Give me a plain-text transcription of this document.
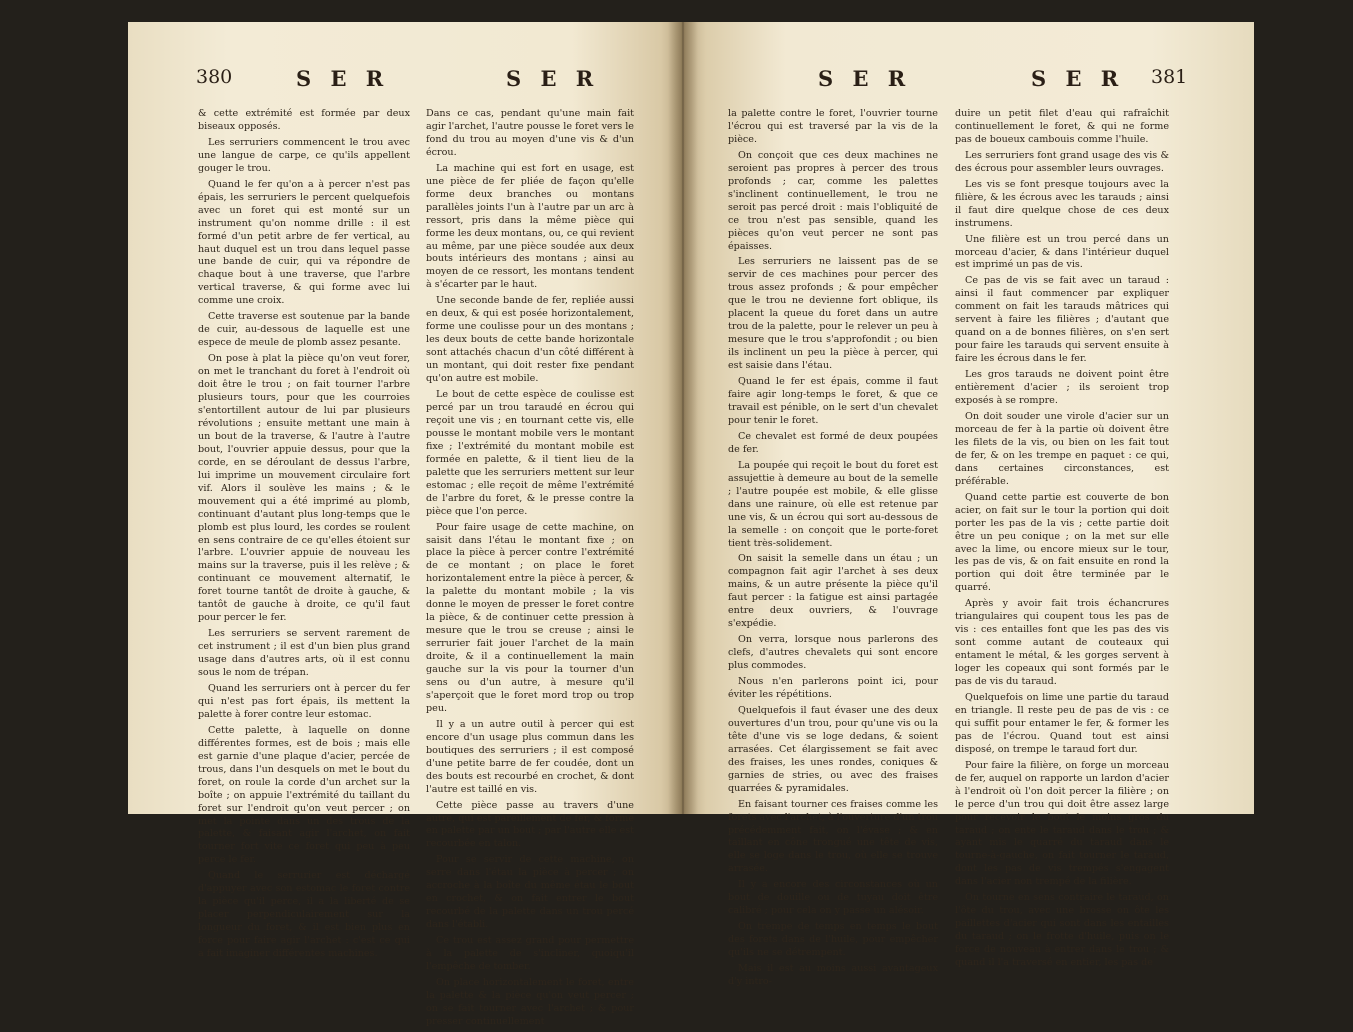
380	S E R	S E R

& cette extrémité est formée par deux biseaux opposés.

Les serruriers commencent le trou avec une langue de carpe, ce qu'ils appellent gouger le trou.

Quand le fer qu'on a à percer n'est pas épais, les serruriers le percent quelquefois avec un foret qui est monté sur un instrument qu'on nomme drille : il est formé d'un petit arbre de fer vertical, au haut duquel est un trou dans lequel passe une bande de cuir, qui va répondre de chaque bout à une traverse, que l'arbre vertical traverse, & qui forme avec lui comme une croix.

Cette traverse est soutenue par la bande de cuir, au-dessous de laquelle est une espece de meule de plomb assez pesante.

On pose à plat la pièce qu'on veut forer, on met le tranchant du foret à l'endroit où doit être le trou ; on fait tourner l'arbre plusieurs tours, pour que les courroies s'entortillent autour de lui par plusieurs révolutions ; ensuite mettant une main à un bout de la traverse, & l'autre à l'autre bout, l'ouvrier appuie dessus, pour que la corde, en se déroulant de dessus l'arbre, lui imprime un mouvement circulaire fort vif. Alors il soulève les mains ; & le mouvement qui a été imprimé au plomb, continuant d'autant plus long-temps que le plomb est plus lourd, les cordes se roulent en sens contraire de ce qu'elles étoient sur l'arbre. L'ouvrier appuie de nouveau les mains sur la traverse, puis il les relève ; & continuant ce mouvement alternatif, le foret tourne tantôt de droite à gauche, & tantôt de gauche à droite, ce qu'il faut pour percer le fer.

Les serruriers se servent rarement de cet instrument ; il est d'un bien plus grand usage dans d'autres arts, où il est connu sous le nom de trépan.

Quand les serruriers ont à percer du fer qui n'est pas fort épais, ils mettent la palette à forer contre leur estomac.

Cette palette, à laquelle on donne différentes formes, est de bois ; mais elle est garnie d'une plaque d'acier, percée de trous, dans l'un desquels on met le bout du foret, on roule la corde d'un archet sur la boîte ; on appuie l'extrémité du taillant du foret sur l'endroit qu'on veut percer ; on met la pointe dans un des trous de la palette, & faisant agir l'archet, on fait tourner fort vite ce foret qui peu à peu perce le fer.

Quand le serrurier est déchargé d'appuyer avec son estomac le foret contre la pièce qu'il perce, il a la liberté de se placer perpendiculairement sur la longueur du foret, & il est bien plus en force pour faire agir l'archet : c'est ce qui a fait imaginer différentes machines.

Dans ce cas, pendant qu'une main fait agir l'archet, l'autre pousse le foret vers le fond du trou au moyen d'une vis & d'un écrou.

La machine qui est fort en usage, est une pièce de fer pliée de façon qu'elle forme deux branches ou montans parallèles joints l'un à l'autre par un arc à ressort, pris dans la même pièce qui forme les deux montans, ou, ce qui revient au même, par une pièce soudée aux deux bouts intérieurs des montans ; ainsi au moyen de ce ressort, les montans tendent à s'écarter par le haut.

Une seconde bande de fer, repliée aussi en deux, & qui est posée horizontalement, forme une coulisse pour un des montans ; les deux bouts de cette bande horizontale sont attachés chacun d'un côté différent à un montant, qui doit rester fixe pendant qu'on autre est mobile.

Le bout de cette espèce de coulisse est percé par un trou taraudé en écrou qui reçoit une vis ; en tournant cette vis, elle pousse le montant mobile vers le montant fixe ; l'extrémité du montant mobile est formée en palette, & il tient lieu de la palette que les serruriers mettent sur leur estomac ; elle reçoit de même l'extrémité de l'arbre du foret, & le presse contre la pièce que l'on perce.

Pour faire usage de cette machine, on saisit dans l'étau le montant fixe ; on place la pièce à percer contre l'extrémité de ce montant ; on place le foret horizontalement entre la pièce à percer, & la palette du montant mobile ; la vis donne le moyen de presser le foret contre la pièce, & de continuer cette pression à mesure que le trou se creuse ; ainsi le serrurier fait jouer l'archet de la main droite, & il a continuellement la main gauche sur la vis pour la tourner d'un sens ou d'un autre, à mesure qu'il s'aperçoit que le foret mord trop ou trop peu.

Il y a un autre outil à percer qui est encore d'un usage plus commun dans les boutiques des serruriers ; il est composé d'une petite barre de fer coudée, dont un des bouts est recourbé en crochet, & dont l'autre est taillé en vis.

Cette pièce passe au travers d'une autre, qui est pareillement de fer, & forme en palette par un bout ; par l'autre elle est recourbée en talon.

Pour se servir de cette machine, on serre dans l'étau la pièce à percer ; on accroche à la boîte du même étau le bout en crochet, & on fait entrer le bout recourbé de la palette dans un trou percé dans l'établi.

Ce trou est assez grand pour permettre à la palette de s'incliner, quoiqu'il l'empêche de tomber.

On place horizontalement le foret, entre la palette & la pièce qu'on veut percer ; on se fait tourner avec l'archet ; & pour presser continuellement

S E R	S E R 381

la palette contre le foret, l'ouvrier tourne l'écrou qui est traversé par la vis de la pièce.

On conçoit que ces deux machines ne seroient pas propres à percer des trous profonds ; car, comme les palettes s'inclinent continuellement, le trou ne seroit pas percé droit : mais l'obliquité de ce trou n'est pas sensible, quand les pièces qu'on veut percer ne sont pas épaisses.

Les serruriers ne laissent pas de se servir de ces machines pour percer des trous assez profonds ; & pour empêcher que le trou ne devienne fort oblique, ils placent la queue du foret dans un autre trou de la palette, pour le relever un peu à mesure que le trou s'approfondit ; ou bien ils inclinent un peu la pièce à percer, qui est saisie dans l'étau.

Quand le fer est épais, comme il faut faire agir long-temps le foret, & que ce travail est pénible, on le sert d'un chevalet pour tenir le foret.

Ce chevalet est formé de deux poupées de fer.

La poupée qui reçoit le bout du foret est assujettie à demeure au bout de la semelle ; l'autre poupée est mobile, & elle glisse dans une rainure, où elle est retenue par une vis, & un écrou qui sort au-dessous de la semelle : on conçoit que le porte-foret tient très-solidement.

On saisit la semelle dans un étau ; un compagnon fait agir l'archet à ses deux mains, & un autre présente la pièce qu'il faut percer : la fatigue est ainsi partagée entre deux ouvriers, & l'ouvrage s'expédie.

On verra, lorsque nous parlerons des clefs, d'autres chevalets qui sont encore plus commodes.

Nous n'en parlerons point ici, pour éviter les répétitions.

Quelquefois il faut évaser une des deux ouvertures d'un trou, pour qu'une vis ou la tête d'une vis se loge dedans, & soient arrasées. Cet élargissement se fait avec des fraises, les unes rondes, coniques & garnies de stries, ou avec des fraises quarrées & pyramidales.

En faisant tourner ces fraises comme les forets avec l'archet, à l'ouverture d'un trou précédemment fait, on l'évase ; & en taillant en cône trongué une tête de vis, elle se loge dans le trou, où elle se trouve arrasée.

Il y a encore des circonstances où un bout de douille ou de tuyau doit être calibré ; pour cela on y passe un alésoir.

On trempe de temps en temps le bout des forets dans de l'huile, pour empêcher qu'ils ne se détrempent.

Mais il est au moins aussi avantageux d'y intro-

duire un petit filet d'eau qui rafraîchit continuellement le foret, & qui ne forme pas de boueux cambouis comme l'huile.

Les serruriers font grand usage des vis & des écrous pour assembler leurs ouvrages.

Les vis se font presque toujours avec la filière, & les écrous avec les tarauds ; ainsi il faut dire quelque chose de ces deux instrumens.

Une filière est un trou percé dans un morceau d'acier, & dans l'intérieur duquel est imprimé un pas de vis.

Ce pas de vis se fait avec un taraud : ainsi il faut commencer par expliquer comment on fait les tarauds mâtrices qui servent à faire les filières ; d'autant que quand on a de bonnes filières, on s'en sert pour faire les tarauds qui servent ensuite à faire les écrous dans le fer.

Les gros tarauds ne doivent point être entièrement d'acier ; ils seroient trop exposés à se rompre.

On doit souder une virole d'acier sur un morceau de fer à la partie où doivent être les filets de la vis, ou bien on les fait tout de fer, & on les trempe en paquet : ce qui, dans certaines circonstances, est préférable.

Quand cette partie est couverte de bon acier, on fait sur le tour la portion qui doit porter les pas de la vis ; cette partie doit être un peu conique ; on la met sur elle avec la lime, ou encore mieux sur le tour, les pas de vis, & on fait ensuite en rond la portion qui doit être terminée par le quarré.

Après y avoir fait trois échancrures triangulaires qui coupent tous les pas de vis : ces entailles font que les pas des vis sont comme autant de couteaux qui entament le métal, & les gorges servent à loger les copeaux qui sont formés par le pas de vis du taraud.

Quelquefois on lime une partie du taraud en triangle. Il reste peu de pas de vis : ce qui suffit pour entamer le fer, & former les pas de l'écrou. Quand tout est ainsi disposé, on trempe le taraud fort dur.

Pour faire la filière, on forge un morceau de fer, auquel on rapporte un lardon d'acier à l'endroit où l'on doit percer la filière ; on le perce d'un trou qui doit être assez large pour recevoir le bout le moins gros du taraud ; on ente le taraud dans le trou ; & ayant mis le quarré du taraud dans le tourne-à-gauche, on fait tourner le taraud, dont les pas de vis trempés s'engagent dans l'acier non trempé de la filière.

On tourne en sens contraire le taraud, on l'ôte du trou, avec une brosse on ôte les paillettes d'acier qui sont dans les entailles du taraud ; on le frotte d'huile, puis on le force de nouveau à entrer dans le trou ; & quand il l'a traversé en entier, les pas de
